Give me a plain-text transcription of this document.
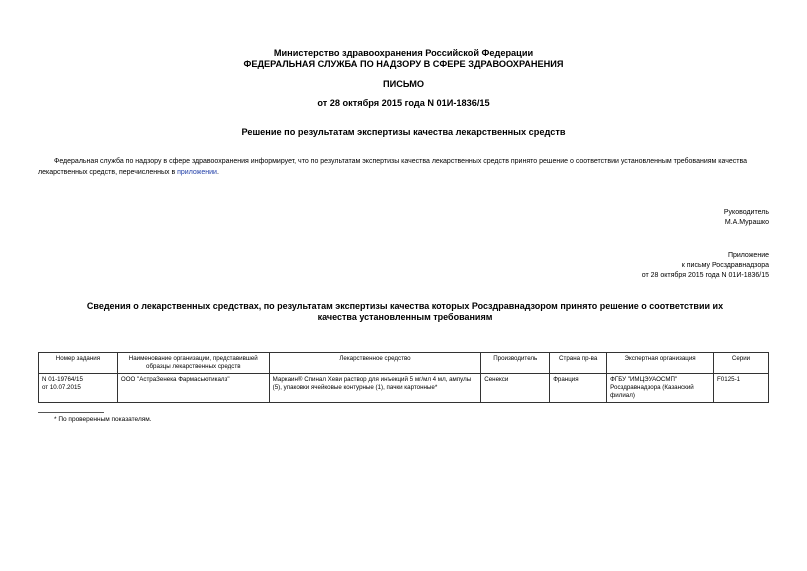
Министерство здравоохранения Российской Федерации
ФЕДЕРАЛЬНАЯ СЛУЖБА ПО НАДЗОРУ В СФЕРЕ ЗДРАВООХРАНЕНИЯ
ПИСЬМО
от 28 октября 2015 года N 01И-1836/15
Решение по результатам экспертизы качества лекарственных средств
Федеральная служба по надзору в сфере здравоохранения информирует, что по результатам экспертизы качества лекарственных средств принято решение о соответствии установленным требованиям качества лекарственных средств, перечисленных в приложении.
Руководитель
М.А.Мурашко
Приложение
к письму Росздравнадзора
от 28 октября 2015 года N 01И-1836/15
Сведения о лекарственных средствах, по результатам экспертизы качества которых Росздравнадзором принято решение о соответствии их качества установленным требованиям
Номер задания	Наименование организации, представившей образцы лекарственных средств	Лекарственное средство	Производитель	Страна пр-ва	Экспертная организация	Серии

N 01-19764/15
от 10.07.2015	ООО "АстраЗенека Фармасьютикалз"	Маркаин® Спинал Хеви раствор для инъекций 5 мг/мл 4 мл, ампулы (5), упаковки ячейковые контурные (1), пачки картонные*	Сенекси	Франция	ФГБУ "ИМЦЭУАОСМП" Росздравнадзора (Казанский филиал)	F0125-1
* По проверенным показателям.
